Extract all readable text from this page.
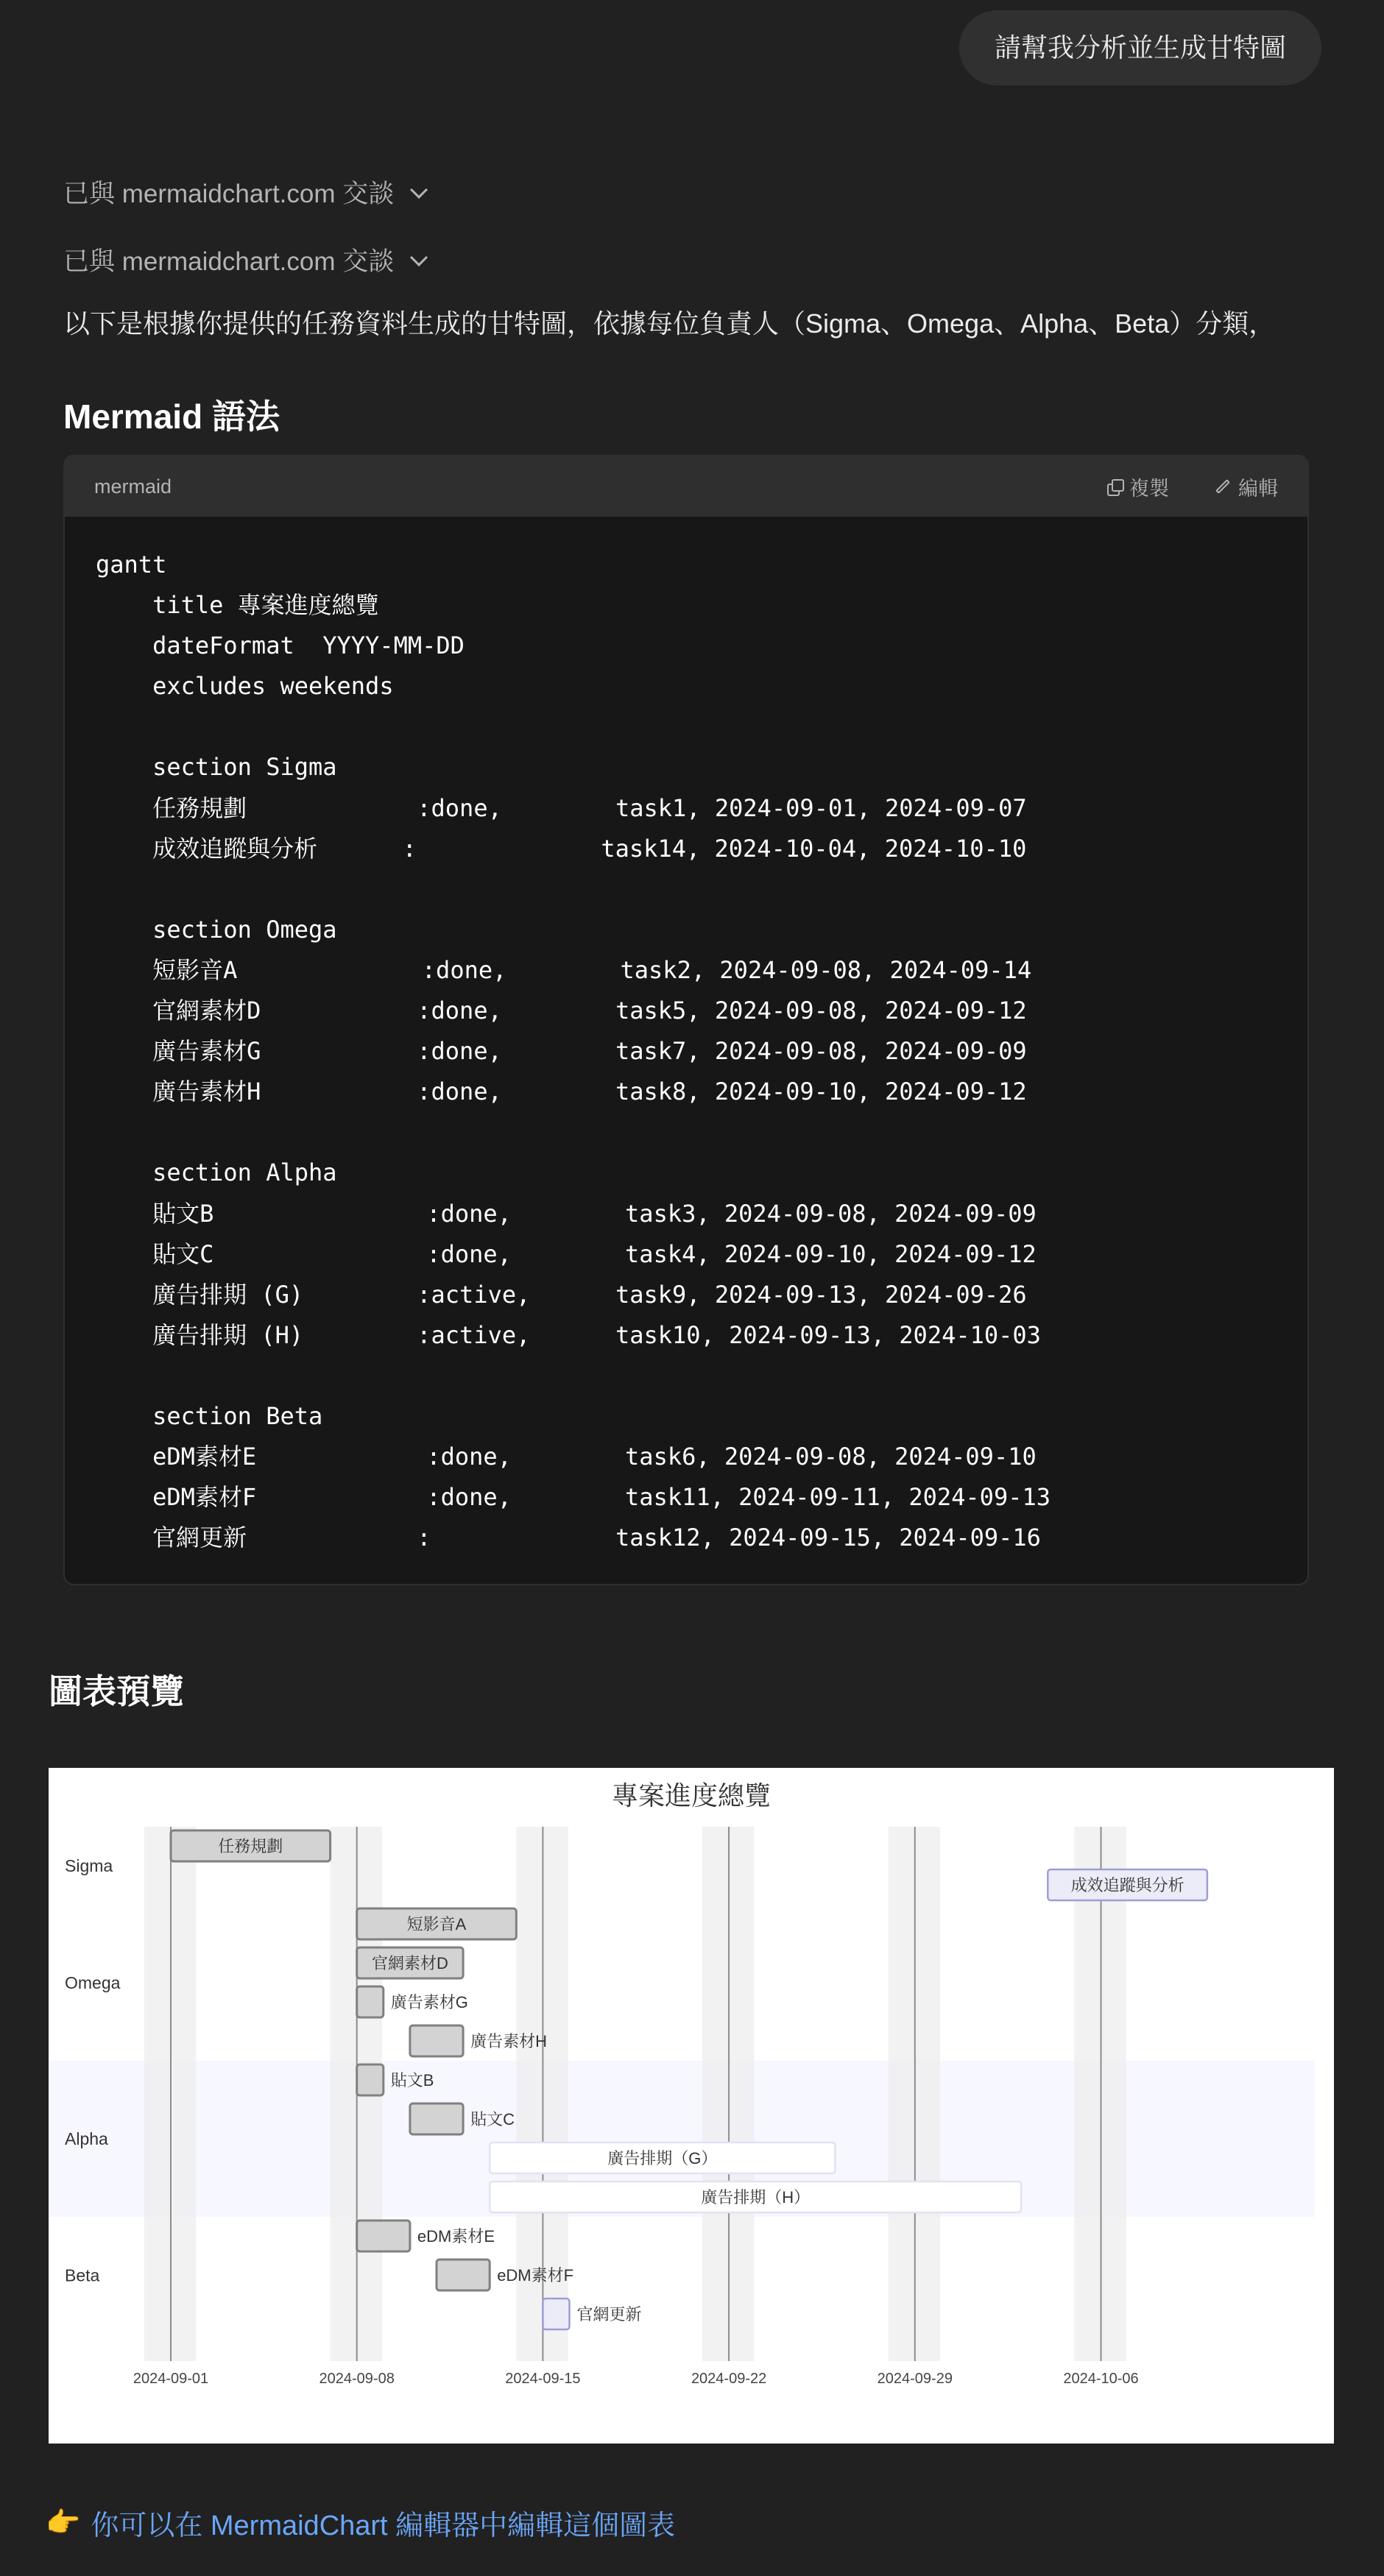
請幫我分析並生成甘特圖
已與 mermaidchart.com 交談
已與 mermaidchart.com 交談
以下是根據你提供的任務資料生成的甘特圖，依據每位負責人（Sigma、Omega、Alpha、Beta）分類，
Mermaid 語法
mermaid	複製	編輯
gantt
title 專案進度總覽
dateFormat  YYYY-MM-DD
excludes weekends

section Sigma
任務規劃            :done,        task1, 2024-09-01, 2024-09-07
成效追蹤與分析      :             task14, 2024-10-04, 2024-10-10

section Omega
短影音A             :done,        task2, 2024-09-08, 2024-09-14
官網素材D           :done,        task5, 2024-09-08, 2024-09-12
廣告素材G           :done,        task7, 2024-09-08, 2024-09-09
廣告素材H           :done,        task8, 2024-09-10, 2024-09-12

section Alpha
貼文B               :done,        task3, 2024-09-08, 2024-09-09
貼文C               :done,        task4, 2024-09-10, 2024-09-12
廣告排期 (G)        :active,      task9, 2024-09-13, 2024-09-26
廣告排期 (H)        :active,      task10, 2024-09-13, 2024-10-03

section Beta
eDM素材E            :done,        task6, 2024-09-08, 2024-09-10
eDM素材F            :done,        task11, 2024-09-11, 2024-09-13
官網更新            :             task12, 2024-09-15, 2024-09-16
圖表預覽
專案進度總覽
2024-09-01	2024-09-08	2024-09-15	2024-09-22	2024-09-29	2024-10-06
Sigma
Omega
Alpha
Beta
任務規劃
成效追蹤與分析
短影音A
官網素材D
廣告素材G
廣告素材H
貼文B
貼文C
廣告排期（G）
廣告排期（H）
eDM素材E
eDM素材F
官網更新
👉 你可以在 MermaidChart 編輯器中編輯這個圖表
